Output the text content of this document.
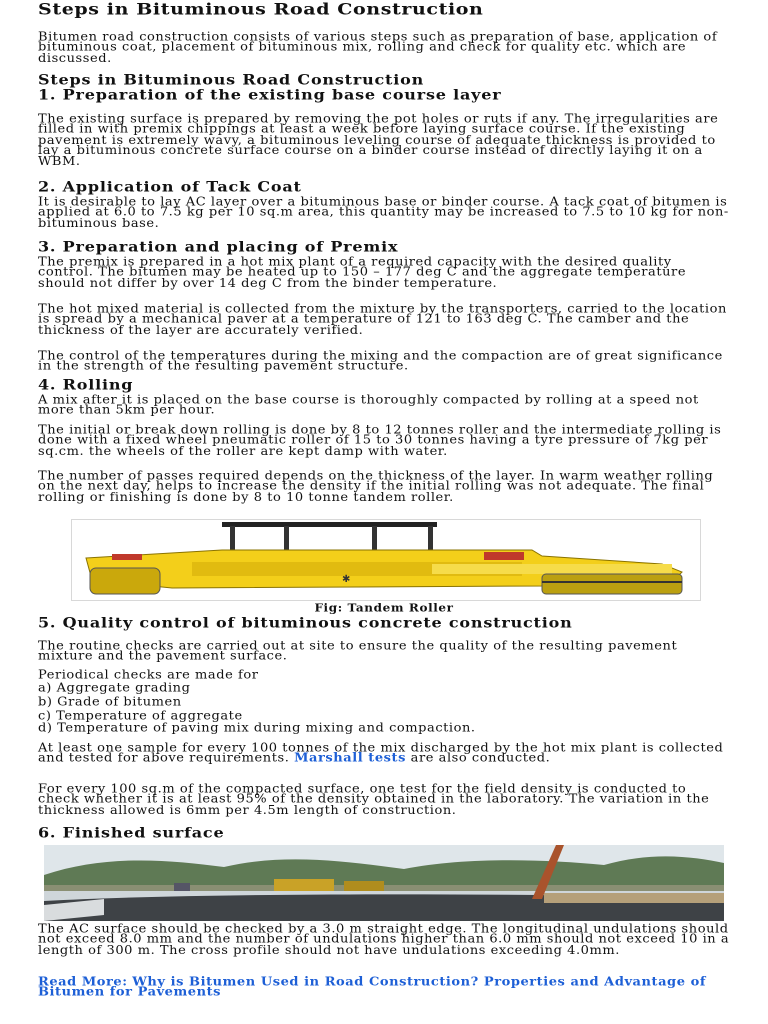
Steps in Bituminous Road Construction

Bitumen road construction consists of various steps such as preparation of base, application of bituminous coat, placement of bituminous mix, rolling and check for quality etc. which are discussed.

Steps in Bituminous Road Construction
1. Preparation of the existing base course layer

The existing surface is prepared by removing the pot holes or ruts if any. The irregularities are filled in with premix chippings at least a week before laying surface course. If the existing pavement is extremely wavy, a bituminous leveling course of adequate thickness is provided to lay a bituminous concrete surface course on a binder course instead of directly laying it on a WBM.

2. Application of Tack Coat

It is desirable to lay AC layer over a bituminous base or binder course. A tack coat of bitumen is applied at 6.0 to 7.5 kg per 10 sq.m area, this quantity may be increased to 7.5 to 10 kg for non-bituminous base.

3. Preparation and placing of Premix

The premix is prepared in a hot mix plant of a required capacity with the desired quality control. The bitumen may be heated up to 150 – 177 deg C and the aggregate temperature should not differ by over 14 deg C from the binder temperature.

The hot mixed material is collected from the mixture by the transporters, carried to the location is spread by a mechanical paver at a temperature of 121 to 163 deg C. The camber and the thickness of the layer are accurately verified.

The control of the temperatures during the mixing and the compaction are of great significance in the strength of the resulting pavement structure.

4. Rolling

A mix after it is placed on the base course is thoroughly compacted by rolling at a speed not more than 5km per hour.

The initial or break down rolling is done by 8 to 12 tonnes roller and the intermediate rolling is done with a fixed wheel pneumatic roller of 15 to 30 tonnes having a tyre pressure of 7kg per sq.cm. the wheels of the roller are kept damp with water.

The number of passes required depends on the thickness of the layer. In warm weather rolling on the next day, helps to increase the density if the initial rolling was not adequate. The final rolling or finishing is done by 8 to 10 tonne tandem roller.

✱

Fig: Tandem Roller

5. Quality control of bituminous concrete construction

The routine checks are carried out at site to ensure the quality of the resulting pavement mixture and the pavement surface.

Periodical checks are made for

a) Aggregate grading

b) Grade of bitumen

c) Temperature of aggregate

d) Temperature of paving mix during mixing and compaction.

At least one sample for every 100 tonnes of the mix discharged by the hot mix plant is collected and tested for above requirements. Marshall tests are also conducted.

For every 100 sq.m of the compacted surface, one test for the field density is conducted to check whether it is at least 95% of the density obtained in the laboratory. The variation in the thickness allowed is 6mm per 4.5m length of construction.

6. Finished surface

The AC surface should be checked by a 3.0 m straight edge. The longitudinal undulations should not exceed 8.0 mm and the number of undulations higher than 6.0 mm should not exceed 10 in a length of 300 m. The cross profile should not have undulations exceeding 4.0mm.

Read More: Why is Bitumen Used in Road Construction? Properties and Advantage of Bitumen for Pavements
